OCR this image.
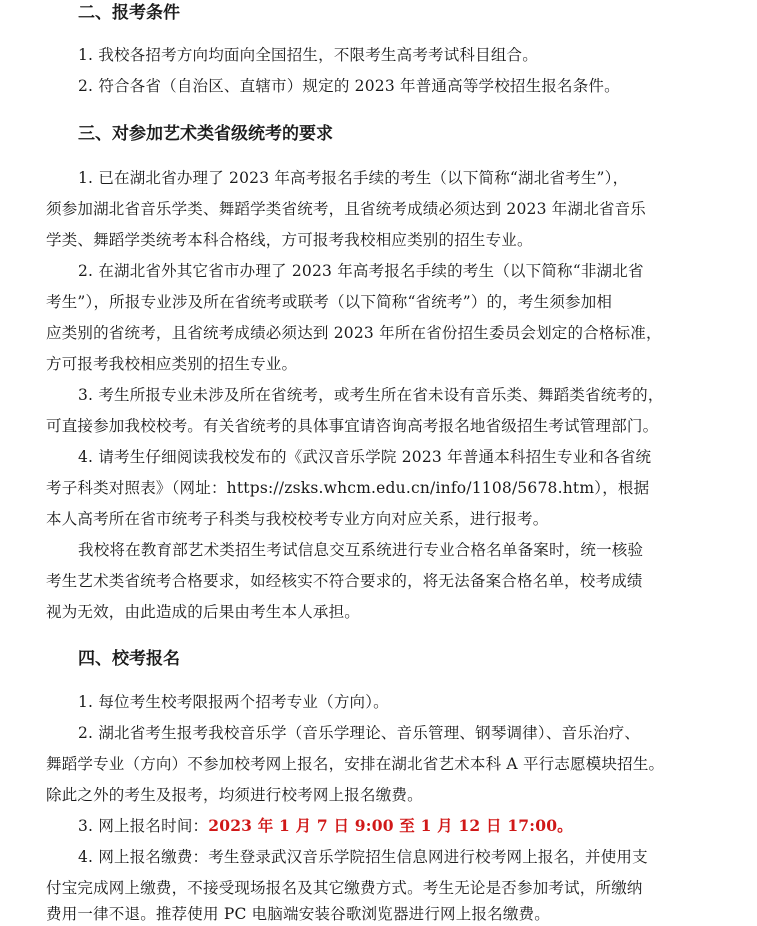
二、报考条件
1. 我校各招考方向均面向全国招生，不限考生高考考试科目组合。
2. 符合各省（自治区、直辖市）规定的 2023 年普通高等学校招生报名条件。
三、对参加艺术类省级统考的要求
1. 已在湖北省办理了 2023 年高考报名手续的考生（以下简称“湖北省考生”），
须参加湖北省音乐学类、舞蹈学类省统考，且省统考成绩必须达到 2023 年湖北省音乐
学类、舞蹈学类统考本科合格线，方可报考我校相应类别的招生专业。
2. 在湖北省外其它省市办理了 2023 年高考报名手续的考生（以下简称“非湖北省
考生”），所报专业涉及所在省统考或联考（以下简称“省统考”）的，考生须参加相
应类别的省统考，且省统考成绩必须达到 2023 年所在省份招生委员会划定的合格标准，
方可报考我校相应类别的招生专业。
3. 考生所报专业未涉及所在省统考，或考生所在省未设有音乐类、舞蹈类省统考的，
可直接参加我校校考。有关省统考的具体事宜请咨询高考报名地省级招生考试管理部门。
4. 请考生仔细阅读我校发布的《武汉音乐学院 2023 年普通本科招生专业和各省统
考子科类对照表》（网址：https://zsks.whcm.edu.cn/info/1108/5678.htm），根据
本人高考所在省市统考子科类与我校校考专业方向对应关系，进行报考。
我校将在教育部艺术类招生考试信息交互系统进行专业合格名单备案时，统一核验
考生艺术类省统考合格要求，如经核实不符合要求的，将无法备案合格名单，校考成绩
视为无效，由此造成的后果由考生本人承担。
四、校考报名
1. 每位考生校考限报两个招考专业（方向）。
2. 湖北省考生报考我校音乐学（音乐学理论、音乐管理、钢琴调律）、音乐治疗、
舞蹈学专业（方向）不参加校考网上报名，安排在湖北省艺术本科 A 平行志愿模块招生。
除此之外的考生及报考，均须进行校考网上报名缴费。
3. 网上报名时间：2023 年 1 月 7 日 9:00 至 1 月 12 日 17:00。
4. 网上报名缴费：考生登录武汉音乐学院招生信息网进行校考网上报名，并使用支
付宝完成网上缴费，不接受现场报名及其它缴费方式。考生无论是否参加考试，所缴纳
费用一律不退。推荐使用 PC 电脑端安装谷歌浏览器进行网上报名缴费。
